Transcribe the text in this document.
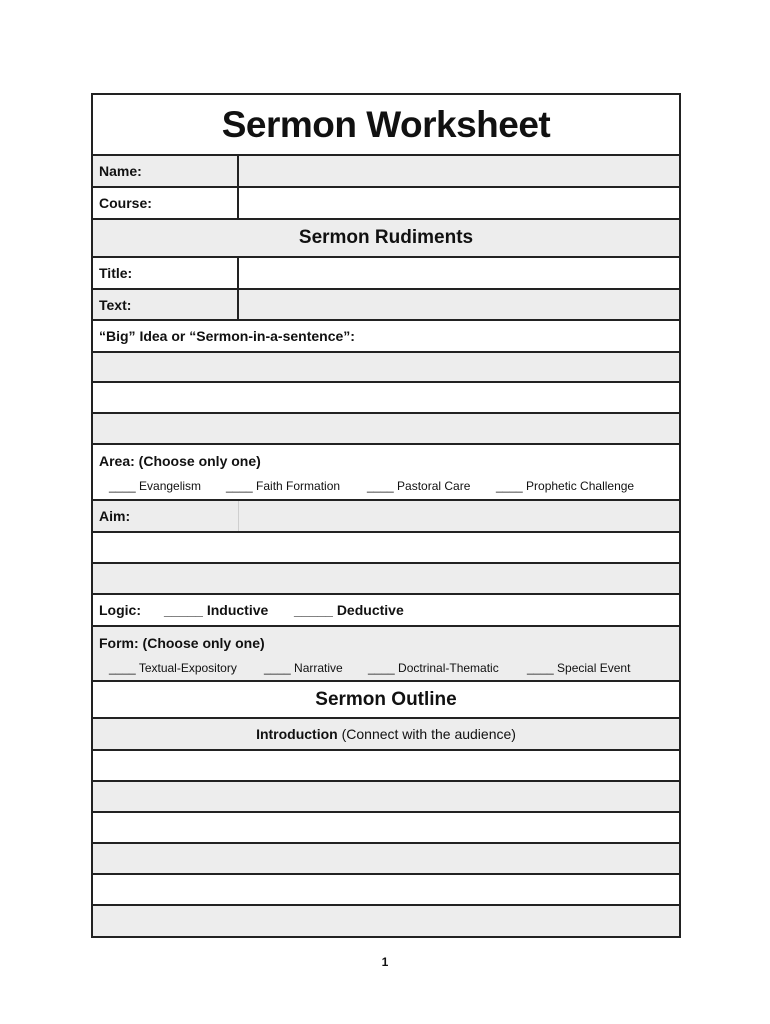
Sermon Worksheet
Name:
Course:
Sermon Rudiments
Title:
Text:
“Big” Idea or “Sermon-in-a-sentence”:
Area: (Choose only one)
____ Evangelism	____ Faith Formation	____ Pastoral Care	____ Prophetic Challenge
Aim:
Logic:	_____ Inductive	_____ Deductive
Form: (Choose only one)
____ Textual-Expository	____ Narrative	____ Doctrinal-Thematic	____ Special Event
Sermon Outline
Introduction
(Connect with the audience)
1
